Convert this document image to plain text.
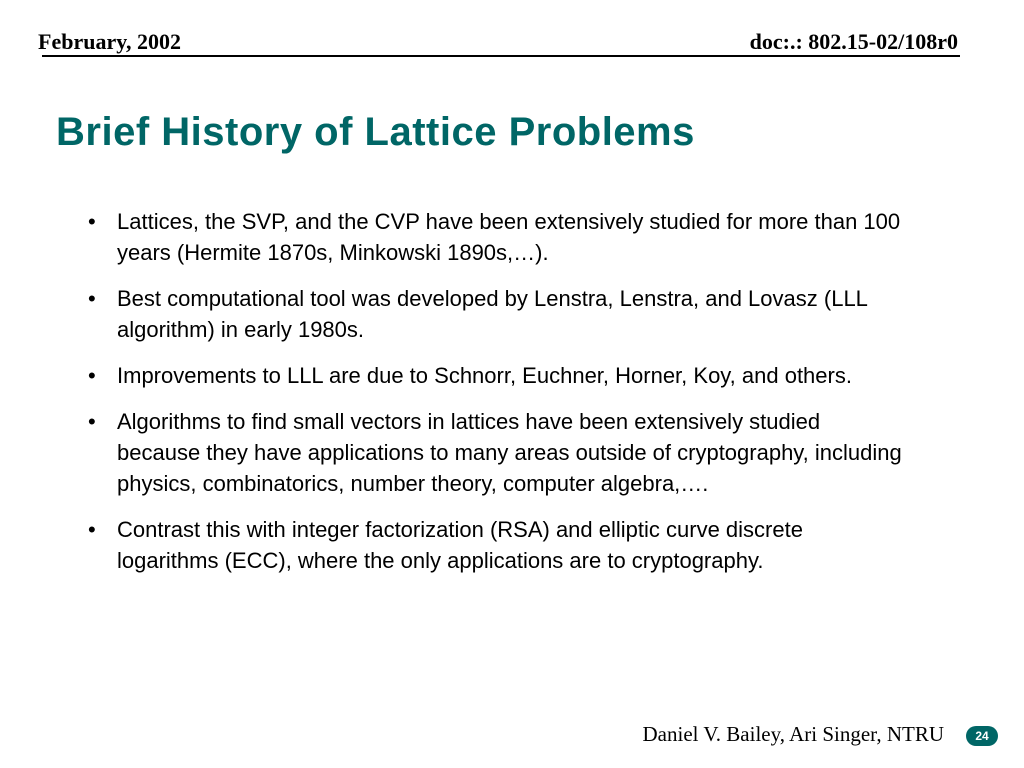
February, 2002	doc:.: 802.15-02/108r0
Brief History of Lattice Problems
• Lattices, the SVP, and the CVP have been extensively studied for more than 100 years (Hermite 1870s, Minkowski 1890s,…).
• Best computational tool was developed by Lenstra, Lenstra, and Lovasz (LLL algorithm) in early 1980s.
• Improvements to LLL are due to Schnorr, Euchner, Horner, Koy, and others.
• Algorithms to find small vectors in lattices have been extensively studied because they have applications to many areas outside of cryptography, including physics, combinatorics, number theory, computer algebra,….
• Contrast this with integer factorization (RSA) and elliptic curve discrete logarithms (ECC), where the only applications are to cryptography.
Daniel V. Bailey, Ari Singer, NTRU	24
